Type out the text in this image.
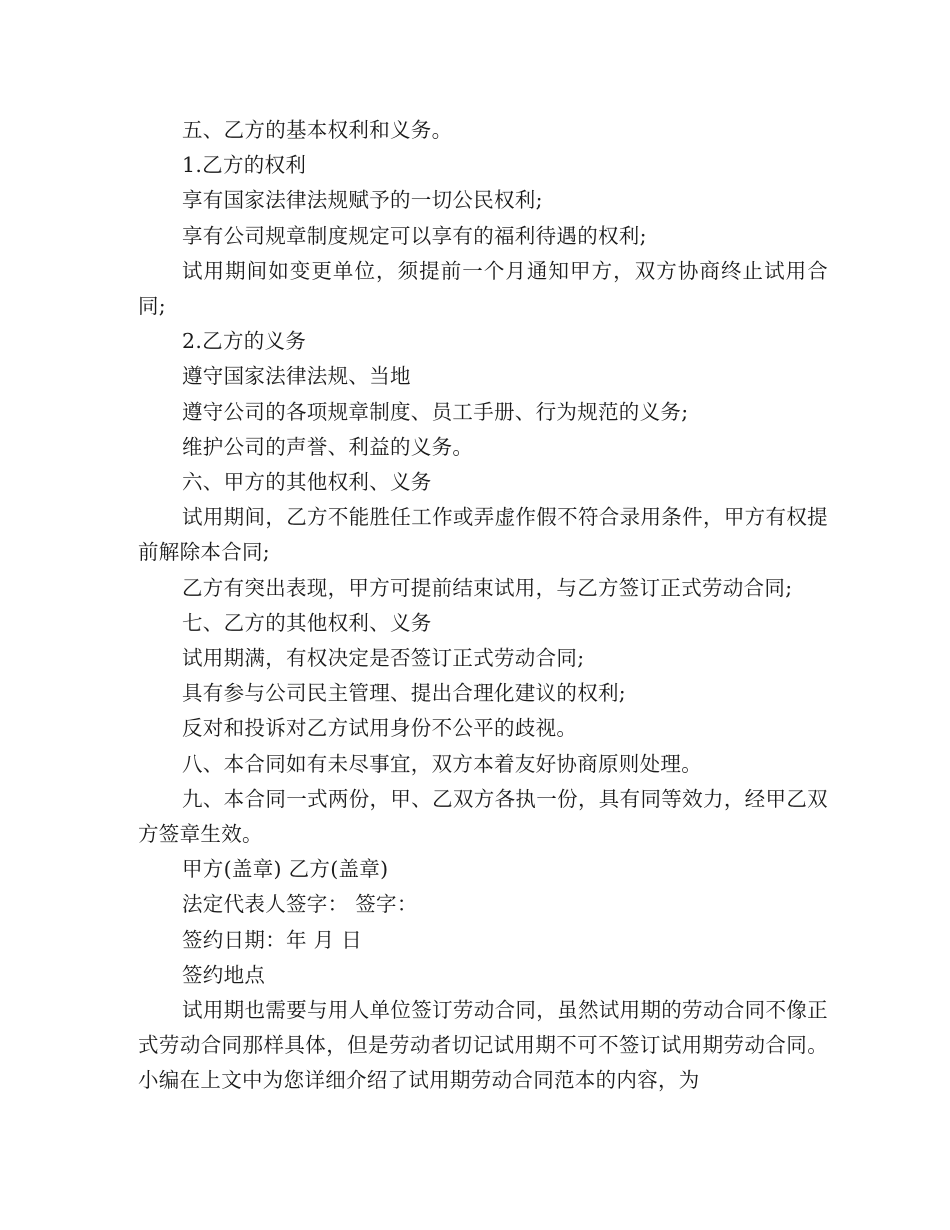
五、乙方的基本权利和义务。

1.乙方的权利

享有国家法律法规赋予的一切公民权利;

享有公司规章制度规定可以享有的福利待遇的权利;

试用期间如变更单位，须提前一个月通知甲方，双方协商终止试用合同;

2.乙方的义务

遵守国家法律法规、当地

遵守公司的各项规章制度、员工手册、行为规范的义务;

维护公司的声誉、利益的义务。

六、甲方的其他权利、义务

试用期间，乙方不能胜任工作或弄虚作假不符合录用条件，甲方有权提前解除本合同;

乙方有突出表现，甲方可提前结束试用，与乙方签订正式劳动合同;

七、乙方的其他权利、义务

试用期满，有权决定是否签订正式劳动合同;

具有参与公司民主管理、提出合理化建议的权利;

反对和投诉对乙方试用身份不公平的歧视。

八、本合同如有未尽事宜，双方本着友好协商原则处理。

九、本合同一式两份，甲、乙双方各执一份，具有同等效力，经甲乙双方签章生效。

甲方(盖章) 乙方(盖章)

法定代表人签字： 签字：

签约日期：年 月 日

签约地点

试用期也需要与用人单位签订劳动合同，虽然试用期的劳动合同不像正式劳动合同那样具体，但是劳动者切记试用期不可不签订试用期劳动合同。小编在上文中为您详细介绍了试用期劳动合同范本的内容，为
